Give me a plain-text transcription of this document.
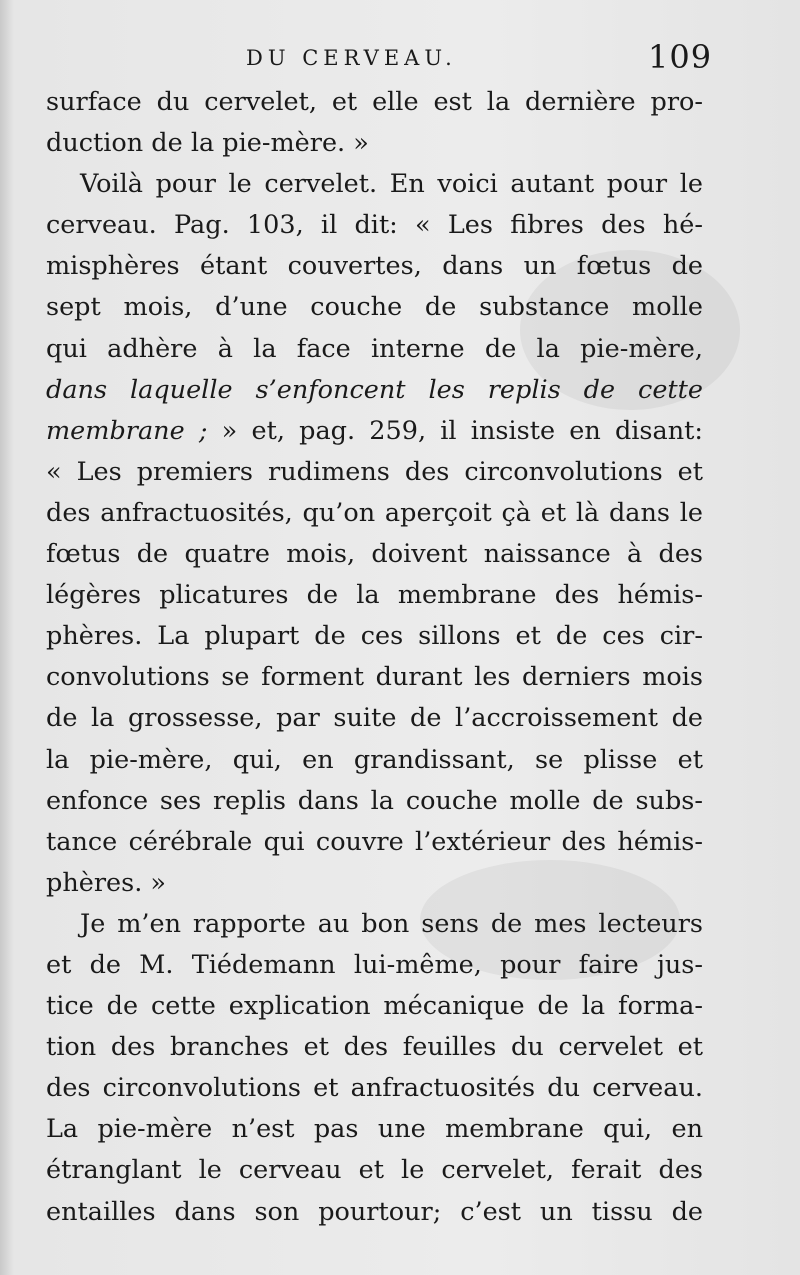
DU CERVEAU.	109
surface du cervelet, et elle est la dernière pro-
duction de la pie-mère. »
Voilà pour le cervelet. En voici autant pour le
cerveau. Pag. 103, il dit: « Les fibres des hé-
misphères étant couvertes, dans un fœtus de
sept mois, d’une couche de substance molle
qui adhère à la face interne de la pie-mère,
dans laquelle s’enfoncent les replis de cette
membrane ; » et, pag. 259, il insiste en disant:
« Les premiers rudimens des circonvolutions et
des anfractuosités, qu’on aperçoit çà et là dans le
fœtus de quatre mois, doivent naissance à des
légères plicatures de la membrane des hémis-
phères. La plupart de ces sillons et de ces cir-
convolutions se forment durant les derniers mois
de la grossesse, par suite de l’accroissement de
la pie-mère, qui, en grandissant, se plisse et
enfonce ses replis dans la couche molle de subs-
tance cérébrale qui couvre l’extérieur des hémis-
phères. »
Je m’en rapporte au bon sens de mes lecteurs
et de M. Tiédemann lui-même, pour faire jus-
tice de cette explication mécanique de la forma-
tion des branches et des feuilles du cervelet et
des circonvolutions et anfractuosités du cerveau.
La pie-mère n’est pas une membrane qui, en
étranglant le cerveau et le cervelet, ferait des
entailles dans son pourtour; c’est un tissu de
